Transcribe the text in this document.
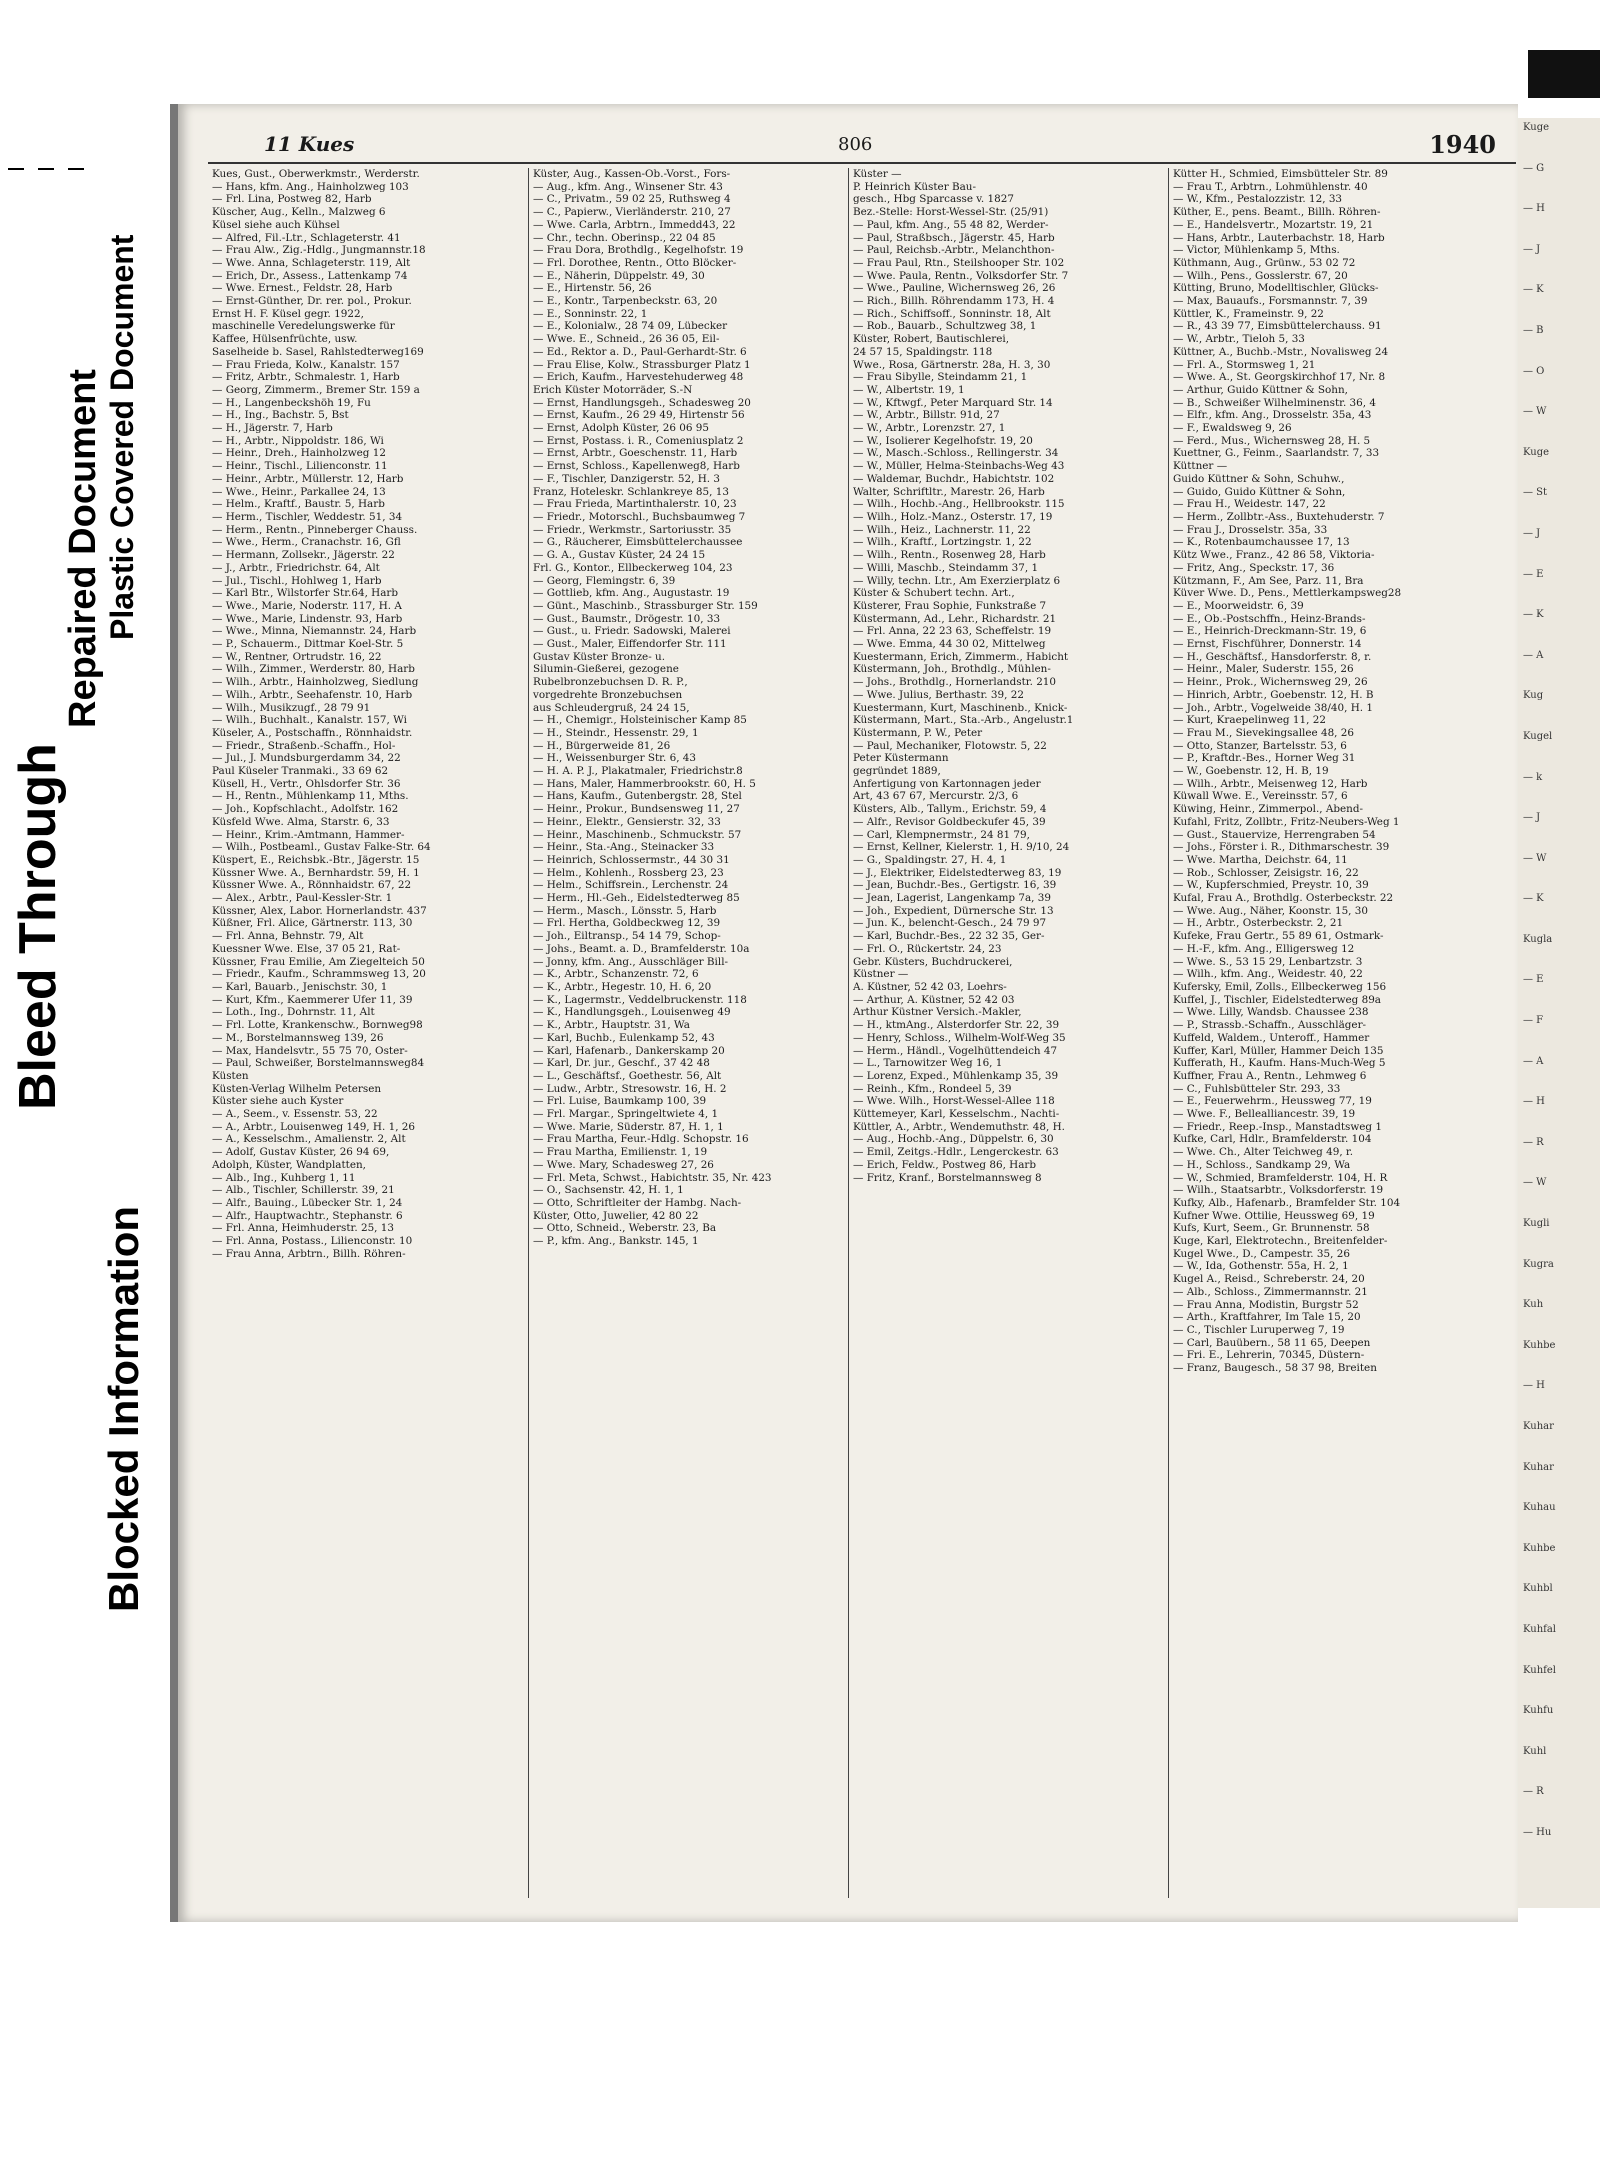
Bleed Through
Repaired Document Plastic Covered Document
Blocked Information
Kuge
— G
— H
— J
— K
— B
— O
— W
Kuge
— St
— J
— E
— K
— A
Kug
Kugel
— k
— J
— W
— K
Kugla
— E
— F
— A
— H
— R
— W
Kugli
Kugra
Kuh
Kuhbe
— H
Kuhar
Kuhar
Kuhau
Kuhbe
Kuhbl
Kuhfal
Kuhfel
Kuhfu
Kuhl
— R
— Hu
11 Kues	806	1940
Kues, Gust., Oberwerkmstr., Werderstr.
— Hans, kfm. Ang., Hainholzweg 103
— Frl. Lina, Postweg 82, Harb
Küscher, Aug., Kelln., Malzweg 6
Küsel siehe auch Kühsel
— Alfred, Fil.-Ltr., Schlageterstr. 41
— Frau Alw., Zig.-Hdlg., Jungmannstr.18
— Wwe. Anna, Schlageterstr. 119, Alt
— Erich, Dr., Assess., Lattenkamp 74
— Wwe. Ernest., Feldstr. 28, Harb
— Ernst-Günther, Dr. rer. pol., Prokur.
Ernst H. F. Küsel gegr. 1922,
maschinelle Veredelungswerke für
Kaffee, Hülsenfrüchte, usw.
Saselheide b. Sasel, Rahlstedterweg169
— Frau Frieda, Kolw., Kanalstr. 157
— Fritz, Arbtr., Schmalestr. 1, Harb
— Georg, Zimmerm., Bremer Str. 159 a
— H., Langenbeckshöh 19, Fu
— H., Ing., Bachstr. 5, Bst
— H., Jägerstr. 7, Harb
— H., Arbtr., Nippoldstr. 186, Wi
— Heinr., Dreh., Hainholzweg 12
— Heinr., Tischl., Lilienconstr. 11
— Heinr., Arbtr., Müllerstr. 12, Harb
— Wwe., Heinr., Parkallee 24, 13
— Helm., Kraftf., Baustr. 5, Harb
— Herm., Tischler, Weddestr. 51, 34
— Herm., Rentn., Pinneberger Chauss.
— Wwe., Herm., Cranachstr. 16, Gfl
— Hermann, Zollsekr., Jägerstr. 22
— J., Arbtr., Friedrichstr. 64, Alt
— Jul., Tischl., Hohlweg 1, Harb
— Karl Btr., Wilstorfer Str.64, Harb
— Wwe., Marie, Noderstr. 117, H. A
— Wwe., Marie, Lindenstr. 93, Harb
— Wwe., Minna, Niemannstr. 24, Harb
— P., Schauerm., Dittmar Koel-Str. 5
— W., Rentner, Ortrudstr. 16, 22
— Wilh., Zimmer., Werderstr. 80, Harb
— Wilh., Arbtr., Hainholzweg, Siedlung
— Wilh., Arbtr., Seehafenstr. 10, Harb
— Wilh., Musikzugf., 28 79 91
— Wilh., Buchhalt., Kanalstr. 157, Wi
Küseler, A., Postschaffn., Rönnhaidstr.
— Friedr., Straßenb.-Schaffn., Hol-
— Jul., J. Mundsburgerdamm 34, 22
Paul Küseler Tranmaki., 33 69 62
Küsell, H., Vertr., Ohlsdorfer Str. 36
— H., Rentn., Mühlenkamp 11, Mths.
— Joh., Kopfschlacht., Adolfstr. 162
Küsfeld Wwe. Alma, Starstr. 6, 33
— Heinr., Krim.-Amtmann, Hammer-
— Wilh., Postbeaml., Gustav Falke-Str. 64
Küspert, E., Reichsbk.-Btr., Jägerstr. 15
Küssner Wwe. A., Bernhardstr. 59, H. 1
Küssner Wwe. A., Rönnhaidstr. 67, 22
— Alex., Arbtr., Paul-Kessler-Str. 1
Küssner, Alex, Labor. Hornerlandstr. 437
Küßner, Frl. Alice, Gärtnerstr. 113, 30
— Frl. Anna, Behnstr. 79, Alt
Kuessner Wwe. Else, 37 05 21, Rat-
Küssner, Frau Emilie, Am Ziegelteich 50
— Friedr., Kaufm., Schrammsweg 13, 20
— Karl, Bauarb., Jenischstr. 30, 1
— Kurt, Kfm., Kaemmerer Ufer 11, 39
— Loth., Ing., Dohrnstr. 11, Alt
— Frl. Lotte, Krankenschw., Bornweg98
— M., Borstelmannsweg 139, 26
— Max, Handelsvtr., 55 75 70, Oster-
— Paul, Schweißer, Borstelmannsweg84
Küsten
Küsten-Verlag Wilhelm Petersen
Küster siehe auch Kyster
— A., Seem., v. Essenstr. 53, 22
— A., Arbtr., Louisenweg 149, H. 1, 26
— A., Kesselschm., Amalienstr. 2, Alt
— Adolf, Gustav Küster, 26 94 69,
Adolph, Küster, Wandplatten,
— Alb., Ing., Kuhberg 1, 11
— Alb., Tischler, Schillerstr. 39, 21
— Alfr., Bauing., Lübecker Str. 1, 24
— Alfr., Hauptwachtr., Stephanstr. 6
— Frl. Anna, Heimhuderstr. 25, 13
— Frl. Anna, Postass., Lilienconstr. 10
— Frau Anna, Arbtrn., Billh. Röhren-
Küster, Aug., Kassen-Ob.-Vorst., Fors-
— Aug., kfm. Ang., Winsener Str. 43
— C., Privatm., 59 02 25, Ruthsweg 4
— C., Papierw., Vierländerstr. 210, 27
— Wwe. Carla, Arbtrn., Immedd43, 22
— Chr., techn. Oberinsp., 22 04 85
— Frau Dora, Brothdlg., Kegelhofstr. 19
— Frl. Dorothee, Rentn., Otto Blöcker-
— E., Näherin, Düppelstr. 49, 30
— E., Hirtenstr. 56, 26
— E., Kontr., Tarpenbeckstr. 63, 20
— E., Sonninstr. 22, 1
— E., Kolonialw., 28 74 09, Lübecker
— Wwe. E., Schneid., 26 36 05, Eil-
— Ed., Rektor a. D., Paul-Gerhardt-Str. 6
— Frau Elise, Kolw., Strassburger Platz 1
— Erich, Kaufm., Harvestehuderweg 48
Erich Küster Motorräder, S.-N
— Ernst, Handlungsgeh., Schadesweg 20
— Ernst, Kaufm., 26 29 49, Hirtenstr 56
— Ernst, Adolph Küster, 26 06 95
— Ernst, Postass. i. R., Comeniusplatz 2
— Ernst, Arbtr., Goeschenstr. 11, Harb
— Ernst, Schloss., Kapellenweg8, Harb
— F., Tischler, Danzigerstr. 52, H. 3
Franz, Hoteleskr. Schlankreye 85, 13
— Frau Frieda, Martinthalerstr. 10, 23
— Friedr., Motorschl., Buchsbaumweg 7
— Friedr., Werkmstr., Sartoriusstr. 35
— G., Räucherer, Eimsbüttelerchaussee
— G. A., Gustav Küster, 24 24 15
Frl. G., Kontor., Ellbeckerweg 104, 23
— Georg, Flemingstr. 6, 39
— Gottlieb, kfm. Ang., Augustastr. 19
— Günt., Maschinb., Strassburger Str. 159
— Gust., Baumstr., Drögestr. 10, 33
— Gust., u. Friedr. Sadowski, Malerei
— Gust., Maler, Eiffendorfer Str. 111
Gustav Küster Bronze- u.
Silumin-Gießerei, gezogene
Rubelbronzebuchsen D. R. P.,
vorgedrehte Bronzebuchsen
aus Schleudergruß, 24 24 15,
— H., Chemigr., Holsteinischer Kamp 85
— H., Steindr., Hessenstr. 29, 1
— H., Bürgerweide 81, 26
— H., Weissenburger Str. 6, 43
— H. A. P. J., Plakatmaler, Friedrichstr.8
— Hans, Maler, Hammerbrookstr. 60, H. 5
— Hans, Kaufm., Gutenbergstr. 28, Stel
— Heinr., Prokur., Bundsensweg 11, 27
— Heinr., Elektr., Gensierstr. 32, 33
— Heinr., Maschinenb., Schmuckstr. 57
— Heinr., Sta.-Ang., Steinacker 33
— Heinrich, Schlossermstr., 44 30 31
— Helm., Kohlenh., Rossberg 23, 23
— Helm., Schiffsrein., Lerchenstr. 24
— Herm., Hl.-Geh., Eidelstedterweg 85
— Herm., Masch., Lönsstr. 5, Harb
— Frl. Hertha, Goldbeckweg 12, 39
— Joh., Eiltransp., 54 14 79, Schop-
— Johs., Beamt. a. D., Bramfelderstr. 10a
— Jonny, kfm. Ang., Ausschläger Bill-
— K., Arbtr., Schanzenstr. 72, 6
— K., Arbtr., Hegestr. 10, H. 6, 20
— K., Lagermstr., Veddelbruckenstr. 118
— K., Handlungsgeh., Louisenweg 49
— K., Arbtr., Hauptstr. 31, Wa
— Karl, Buchb., Eulenkamp 52, 43
— Karl, Hafenarb., Dankerskamp 20
— Karl, Dr. jur., Geschf., 37 42 48
— L., Geschäftsf., Goethestr. 56, Alt
— Ludw., Arbtr., Stresowstr. 16, H. 2
— Frl. Luise, Baumkamp 100, 39
— Frl. Margar., Springeltwiete 4, 1
— Wwe. Marie, Süderstr. 87, H. 1, 1
— Frau Martha, Feur.-Hdlg. Schopstr. 16
— Frau Martha, Emilienstr. 1, 19
— Wwe. Mary, Schadesweg 27, 26
— Frl. Meta, Schwst., Habichtstr. 35, Nr. 423
— O., Sachsenstr. 42, H. 1, 1
— Otto, Schriftleiter der Hambg. Nach-
Küster, Otto, Juwelier, 42 80 22
— Otto, Schneid., Weberstr. 23, Ba
— P., kfm. Ang., Bankstr. 145, 1
Küster —
P. Heinrich Küster Bau-
gesch., Hbg Sparcasse v. 1827
Bez.-Stelle: Horst-Wessel-Str. (25/91)
— Paul, kfm. Ang., 55 48 82, Werder-
— Paul, Straßbsch., Jägerstr. 45, Harb
— Paul, Reichsb.-Arbtr., Melanchthon-
— Frau Paul, Rtn., Steilshooper Str. 102
— Wwe. Paula, Rentn., Volksdorfer Str. 7
— Wwe., Pauline, Wichernsweg 26, 26
— Rich., Billh. Röhrendamm 173, H. 4
— Rich., Schiffsoff., Sonninstr. 18, Alt
— Rob., Bauarb., Schultzweg 38, 1
Küster, Robert, Bautischlerei,
24 57 15, Spaldingstr. 118
Wwe., Rosa, Gärtnerstr. 28a, H. 3, 30
— Frau Sibylle, Steindamm 21, 1
— W., Albertstr. 19, 1
— W., Kftwgf., Peter Marquard Str. 14
— W., Arbtr., Billstr. 91d, 27
— W., Arbtr., Lorenzstr. 27, 1
— W., Isolierer Kegelhofstr. 19, 20
— W., Masch.-Schloss., Rellingerstr. 34
— W., Müller, Helma-Steinbachs-Weg 43
— Waldemar, Buchdr., Habichtstr. 102
Walter, Schriftltr., Marestr. 26, Harb
— Wilh., Hochb.-Ang., Hellbrookstr. 115
— Wilh., Holz.-Manz., Osterstr. 17, 19
— Wilh., Heiz., Lachnerstr. 11, 22
— Wilh., Kraftf., Lortzingstr. 1, 22
— Wilh., Rentn., Rosenweg 28, Harb
— Willi, Maschb., Steindamm 37, 1
— Willy, techn. Ltr., Am Exerzierplatz 6
Küster & Schubert techn. Art.,
Küsterer, Frau Sophie, Funkstraße 7
Küstermann, Ad., Lehr., Richardstr. 21
— Frl. Anna, 22 23 63, Scheffelstr. 19
— Wwe. Emma, 44 30 02, Mittelweg
Kuestermann, Erich, Zimmerm., Habicht
Küstermann, Joh., Brothdlg., Mühlen-
— Johs., Brothdlg., Hornerlandstr. 210
— Wwe. Julius, Berthastr. 39, 22
Kuestermann, Kurt, Maschinenb., Knick-
Küstermann, Mart., Sta.-Arb., Angelustr.1
Küstermann, P. W., Peter
— Paul, Mechaniker, Flotowstr. 5, 22
Peter Küstermann
gegründet 1889,
Anfertigung von Kartonnagen jeder
Art, 43 67 67, Mercurstr. 2/3, 6
Küsters, Alb., Tallym., Erichstr. 59, 4
— Alfr., Revisor Goldbeckufer 45, 39
— Carl, Klempnermstr., 24 81 79,
— Ernst, Kellner, Kielerstr. 1, H. 9/10, 24
— G., Spaldingstr. 27, H. 4, 1
— J., Elektriker, Eidelstedterweg 83, 19
— Jean, Buchdr.-Bes., Gertigstr. 16, 39
— Jean, Lagerist, Langenkamp 7a, 39
— Joh., Expedient, Dürnersche Str. 13
— Jun. K., belencht-Gesch., 24 79 97
— Karl, Buchdr.-Bes., 22 32 35, Ger-
— Frl. O., Rückertstr. 24, 23
Gebr. Küsters, Buchdruckerei,
Küstner —
A. Küstner, 52 42 03, Loehrs-
— Arthur, A. Küstner, 52 42 03
Arthur Küstner Versich.-Makler,
— H., ktmAng., Alsterdorfer Str. 22, 39
— Henry, Schloss., Wilhelm-Wolf-Weg 35
— Herm., Händl., Vogelhüttendeich 47
— L., Tarnowitzer Weg 16, 1
— Lorenz, Exped., Mühlenkamp 35, 39
— Reinh., Kfm., Rondeel 5, 39
— Wwe. Wilh., Horst-Wessel-Allee 118
Küttemeyer, Karl, Kesselschm., Nachti-
Küttler, A., Arbtr., Wendemuthstr. 48, H.
— Aug., Hochb.-Ang., Düppelstr. 6, 30
— Emil, Zeitgs.-Hdlr., Lengerckestr. 63
— Erich, Feldw., Postweg 86, Harb
— Fritz, Kranf., Borstelmannsweg 8
Kütter H., Schmied, Eimsbütteler Str. 89
— Frau T., Arbtrn., Lohmühlenstr. 40
— W., Kfm., Pestalozzistr. 12, 33
Küther, E., pens. Beamt., Billh. Röhren-
— E., Handelsvertr., Mozartstr. 19, 21
— Hans, Arbtr., Lauterbachstr. 18, Harb
— Victor, Mühlenkamp 5, Mths.
Küthmann, Aug., Grünw., 53 02 72
— Wilh., Pens., Gosslerstr. 67, 20
Kütting, Bruno, Modelltischler, Glücks-
— Max, Bauaufs., Forsmannstr. 7, 39
Küttler, K., Frameinstr. 9, 22
— R., 43 39 77, Eimsbüttelerchauss. 91
— W., Arbtr., Tieloh 5, 33
Küttner, A., Buchb.-Mstr., Novalisweg 24
— Frl. A., Stormsweg 1, 21
— Wwe. A., St. Georgskirchhof 17, Nr. 8
— Arthur, Guido Küttner & Sohn,
— B., Schweißer Wilhelminenstr. 36, 4
— Elfr., kfm. Ang., Drosselstr. 35a, 43
— F., Ewaldsweg 9, 26
— Ferd., Mus., Wichernsweg 28, H. 5
Kuettner, G., Feinm., Saarlandstr. 7, 33
Küttner —
Guido Küttner & Sohn, Schuhw.,
— Guido, Guido Küttner & Sohn,
— Frau H., Weidestr. 147, 22
— Herm., Zollbtr.-Ass., Buxtehuderstr. 7
— Frau J., Drosselstr. 35a, 33
— K., Rotenbaumchaussee 17, 13
Kütz Wwe., Franz., 42 86 58, Viktoria-
— Fritz, Ang., Speckstr. 17, 36
Kützmann, F., Am See, Parz. 11, Bra
Küver Wwe. D., Pens., Mettlerkampsweg28
— E., Moorweidstr. 6, 39
— E., Ob.-Postschffn., Heinz-Brands-
— E., Heinrich-Dreckmann-Str. 19, 6
— Ernst, Fischführer, Donnerstr. 14
— H., Geschäftsf., Hansdorferstr. 8, r.
— Heinr., Maler, Suderstr. 155, 26
— Heinr., Prok., Wichernsweg 29, 26
— Hinrich, Arbtr., Goebenstr. 12, H. B
— Joh., Arbtr., Vogelweide 38/40, H. 1
— Kurt, Kraepelinweg 11, 22
— Frau M., Sievekingsallee 48, 26
— Otto, Stanzer, Bartelsstr. 53, 6
— P., Kraftdr.-Bes., Horner Weg 31
— W., Goebenstr. 12, H. B, 19
— Wilh., Arbtr., Meisenweg 12, Harb
Küwall Wwe. E., Vereinsstr. 57, 6
Küwing, Heinr., Zimmerpol., Abend-
Kufahl, Fritz, Zollbtr., Fritz-Neubers-Weg 1
— Gust., Stauervize, Herrengraben 54
— Johs., Förster i. R., Dithmarschestr. 39
— Wwe. Martha, Deichstr. 64, 11
— Rob., Schlosser, Zeisigstr. 16, 22
— W., Kupferschmied, Preystr. 10, 39
Kufal, Frau A., Brothdlg. Osterbeckstr. 22
— Wwe. Aug., Näher, Koonstr. 15, 30
— H., Arbtr., Osterbeckstr. 2, 21
Kufeke, Frau Gertr., 55 89 61, Ostmark-
— H.-F., kfm. Ang., Elligersweg 12
— Wwe. S., 53 15 29, Lenbartzstr. 3
— Wilh., kfm. Ang., Weidestr. 40, 22
Kufersky, Emil, Zolls., Ellbeckerweg 156
Kuffel, J., Tischler, Eidelstedterweg 89a
— Wwe. Lilly, Wandsb. Chaussee 238
— P., Strassb.-Schaffn., Ausschläger-
Kuffeld, Waldem., Unteroff., Hammer
Kuffer, Karl, Müller, Hammer Deich 135
Kufferath, H., Kaufm. Hans-Much-Weg 5
Kuffner, Frau A., Rentn., Lehmweg 6
— C., Fuhlsbütteler Str. 293, 33
— E., Feuerwehrm., Heussweg 77, 19
— Wwe. F., Bellealliancestr. 39, 19
— Friedr., Reep.-Insp., Manstadtsweg 1
Kufke, Carl, Hdlr., Bramfelderstr. 104
— Wwe. Ch., Alter Teichweg 49, r.
— H., Schloss., Sandkamp 29, Wa
— W., Schmied, Bramfelderstr. 104, H. R
— Wilh., Staatsarbtr., Volksdorferstr. 19
Kufky, Alb., Hafenarb., Bramfelder Str. 104
Kufner Wwe. Ottilie, Heussweg 69, 19
Kufs, Kurt, Seem., Gr. Brunnenstr. 58
Kuge, Karl, Elektrotechn., Breitenfelder-
Kugel Wwe., D., Campestr. 35, 26
— W., Ida, Gothenstr. 55a, H. 2, 1
Kugel A., Reisd., Schreberstr. 24, 20
— Alb., Schloss., Zimmermannstr. 21
— Frau Anna, Modistin, Burgstr 52
— Arth., Kraftfahrer, Im Tale 15, 20
— C., Tischler Luruperweg 7, 19
— Carl, Bauübern., 58 11 65, Deepen
— Fri. E., Lehrerin, 70345, Düstern-
— Franz, Baugesch., 58 37 98, Breiten
